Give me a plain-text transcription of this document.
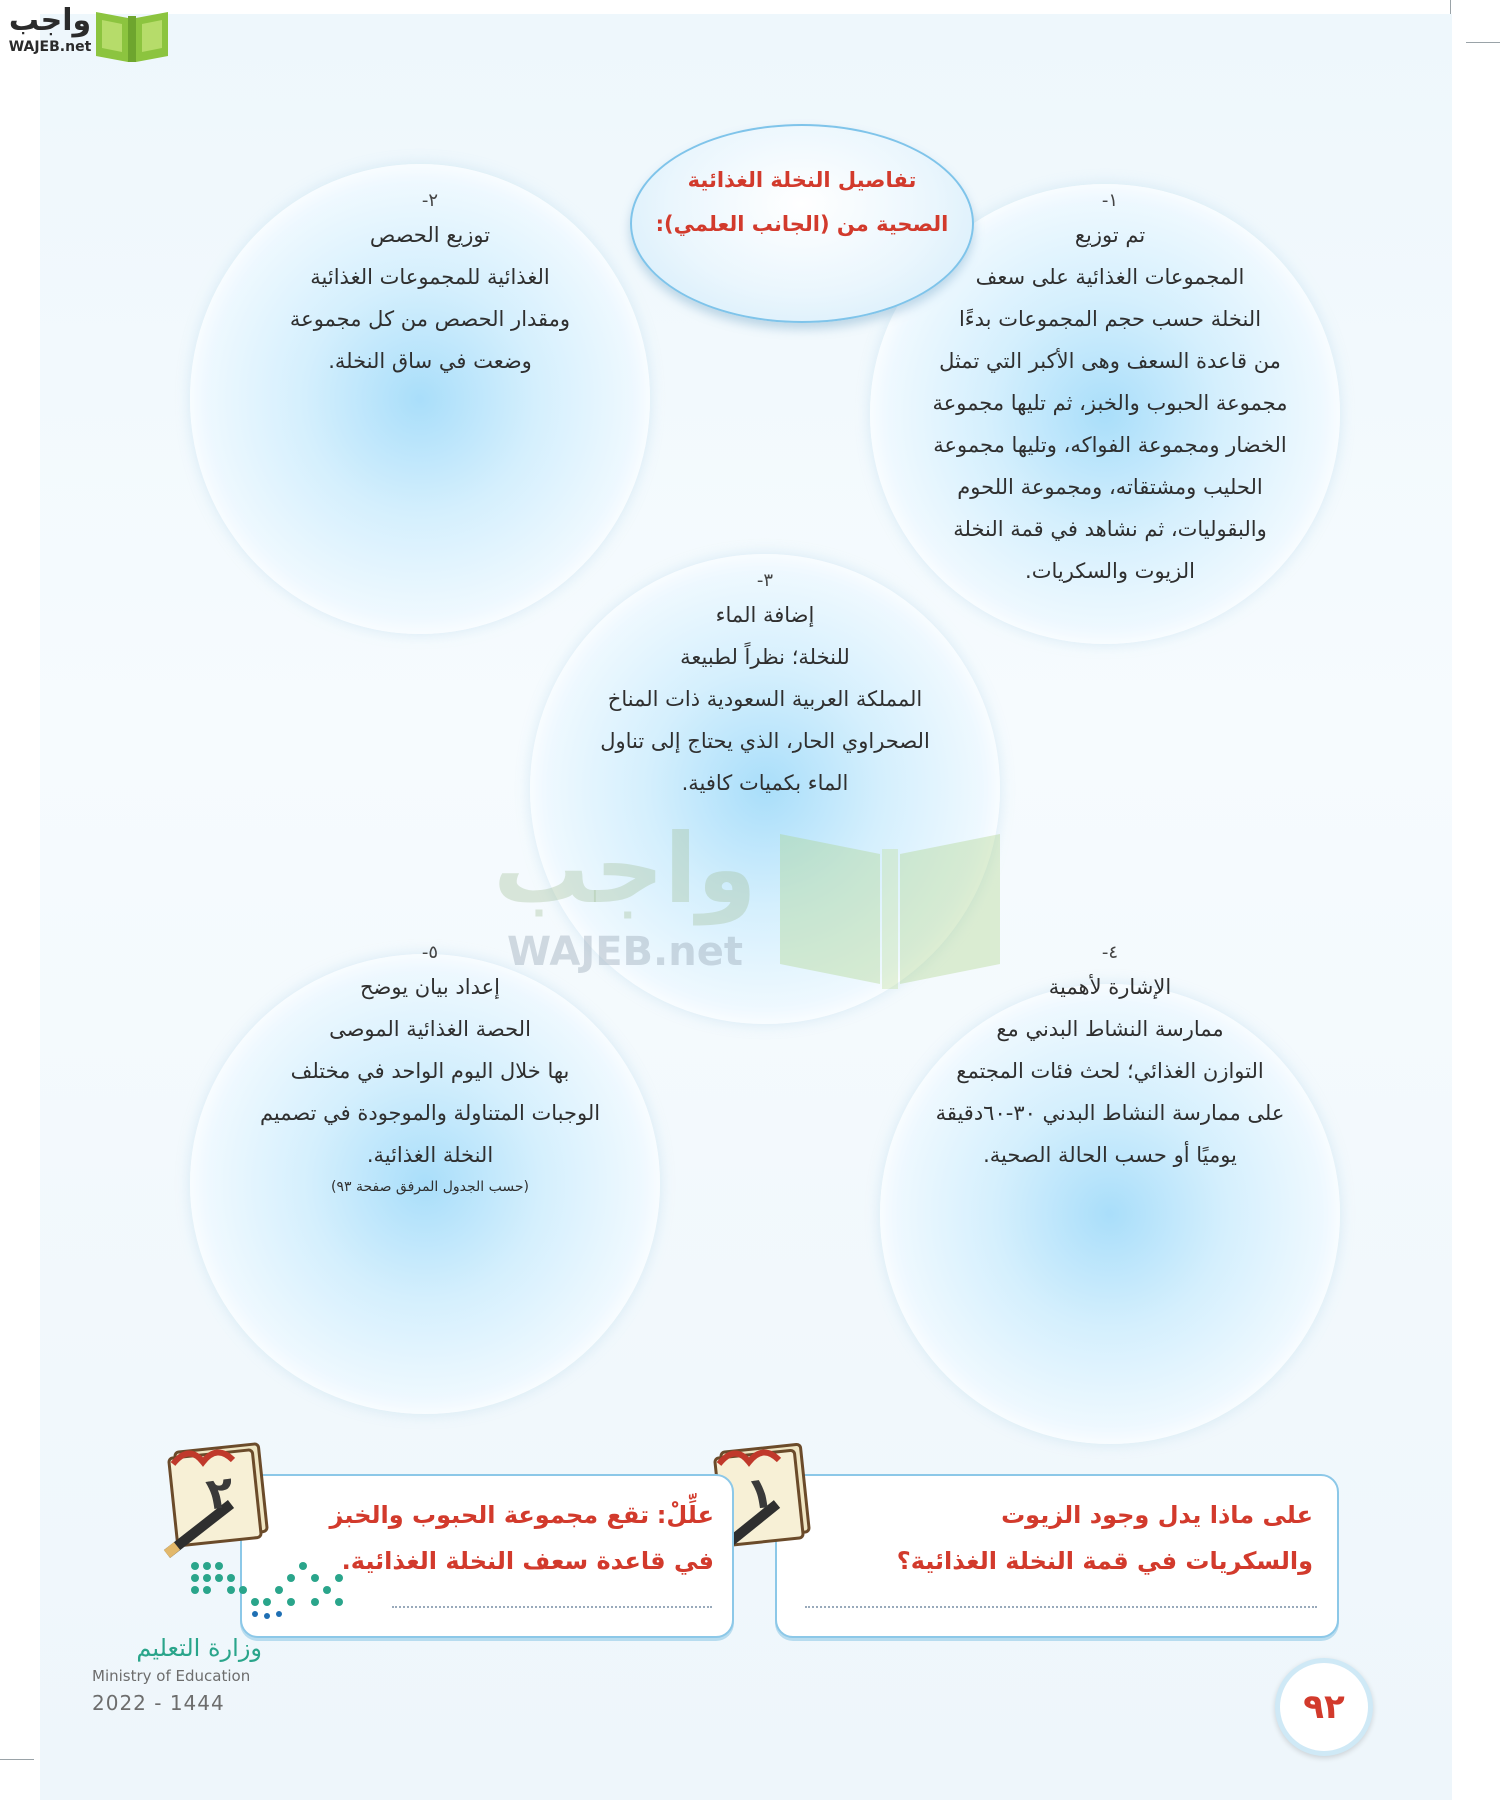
واجب
WAJEB.net
تفاصيل النخلة الغذائية
الصحية من (الجانب العلمي):
١-
تم توزيع
المجموعات الغذائية على سعف
النخلة حسب حجم المجموعات بدءًا
من قاعدة السعف وهى الأكبر التي تمثل
مجموعة الحبوب والخبز، ثم تليها مجموعة
الخضار ومجموعة الفواكه، وتليها مجموعة
الحليب ومشتقاته، ومجموعة اللحوم
والبقوليات، ثم نشاهد في قمة النخلة
الزيوت والسكريات.
٢-
توزيع الحصص
الغذائية للمجموعات الغذائية
ومقدار الحصص من كل مجموعة
وضعت في ساق النخلة.
٣-
إضافة الماء
للنخلة؛ نظراً لطبيعة
المملكة العربية السعودية ذات المناخ
الصحراوي الحار، الذي يحتاج إلى تناول
الماء بكميات كافية.
٤-
الإشارة لأهمية
ممارسة النشاط البدني مع
التوازن الغذائي؛ لحث فئات المجتمع
على ممارسة النشاط البدني ٣٠-٦٠دقيقة
يوميًا أو حسب الحالة الصحية.
٥-
إعداد بيان يوضح
الحصة الغذائية الموصى
بها خلال اليوم الواحد في مختلف
الوجبات المتناولة والموجودة في تصميم
النخلة الغذائية.
(حسب الجدول المرفق صفحة ٩٣)
على ماذا يدل وجود الزيوت
والسكريات في قمة النخلة الغذائية؟
١
علِّلْ: تقع مجموعة الحبوب والخبز
في قاعدة سعف النخلة الغذائية.
٢
وزارة التعليم
Ministry of Education
2022 - 1444	٩٢
واجب
WAJEB.net
